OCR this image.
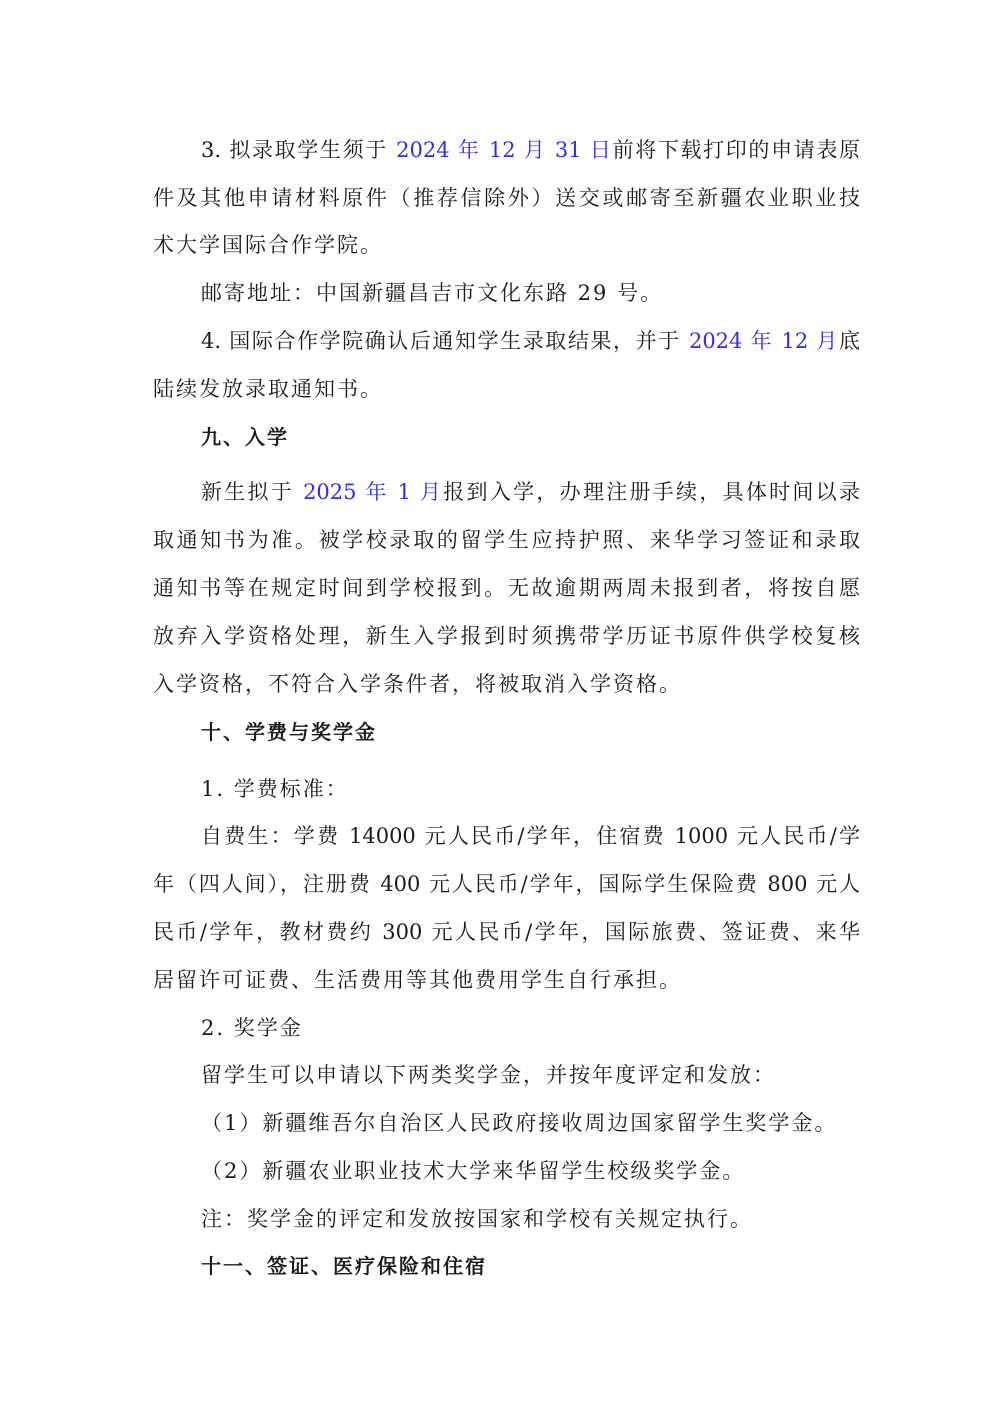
3. 拟录取学生须于 2024 年 12 月 31 日前将下载打印的申请表原
件及其他申请材料原件（推荐信除外）送交或邮寄至新疆农业职业技
术大学国际合作学院。
邮寄地址：中国新疆昌吉市文化东路 29 号。
4. 国际合作学院确认后通知学生录取结果，并于 2024 年 12 月底
陆续发放录取通知书。
九、入学
新生拟于 2025 年 1 月报到入学，办理注册手续，具体时间以录
取通知书为准。被学校录取的留学生应持护照、来华学习签证和录取
通知书等在规定时间到学校报到。无故逾期两周未报到者，将按自愿
放弃入学资格处理，新生入学报到时须携带学历证书原件供学校复核
入学资格，不符合入学条件者，将被取消入学资格。
十、学费与奖学金
1. 学费标准：
自费生：学费 14000 元人民币/学年，住宿费 1000 元人民币/学
年（四人间），注册费 400 元人民币/学年，国际学生保险费 800 元人
民币/学年，教材费约 300 元人民币/学年，国际旅费、签证费、来华
居留许可证费、生活费用等其他费用学生自行承担。
2. 奖学金
留学生可以申请以下两类奖学金，并按年度评定和发放：
（1）新疆维吾尔自治区人民政府接收周边国家留学生奖学金。
（2）新疆农业职业技术大学来华留学生校级奖学金。
注：奖学金的评定和发放按国家和学校有关规定执行。
十一、签证、医疗保险和住宿
